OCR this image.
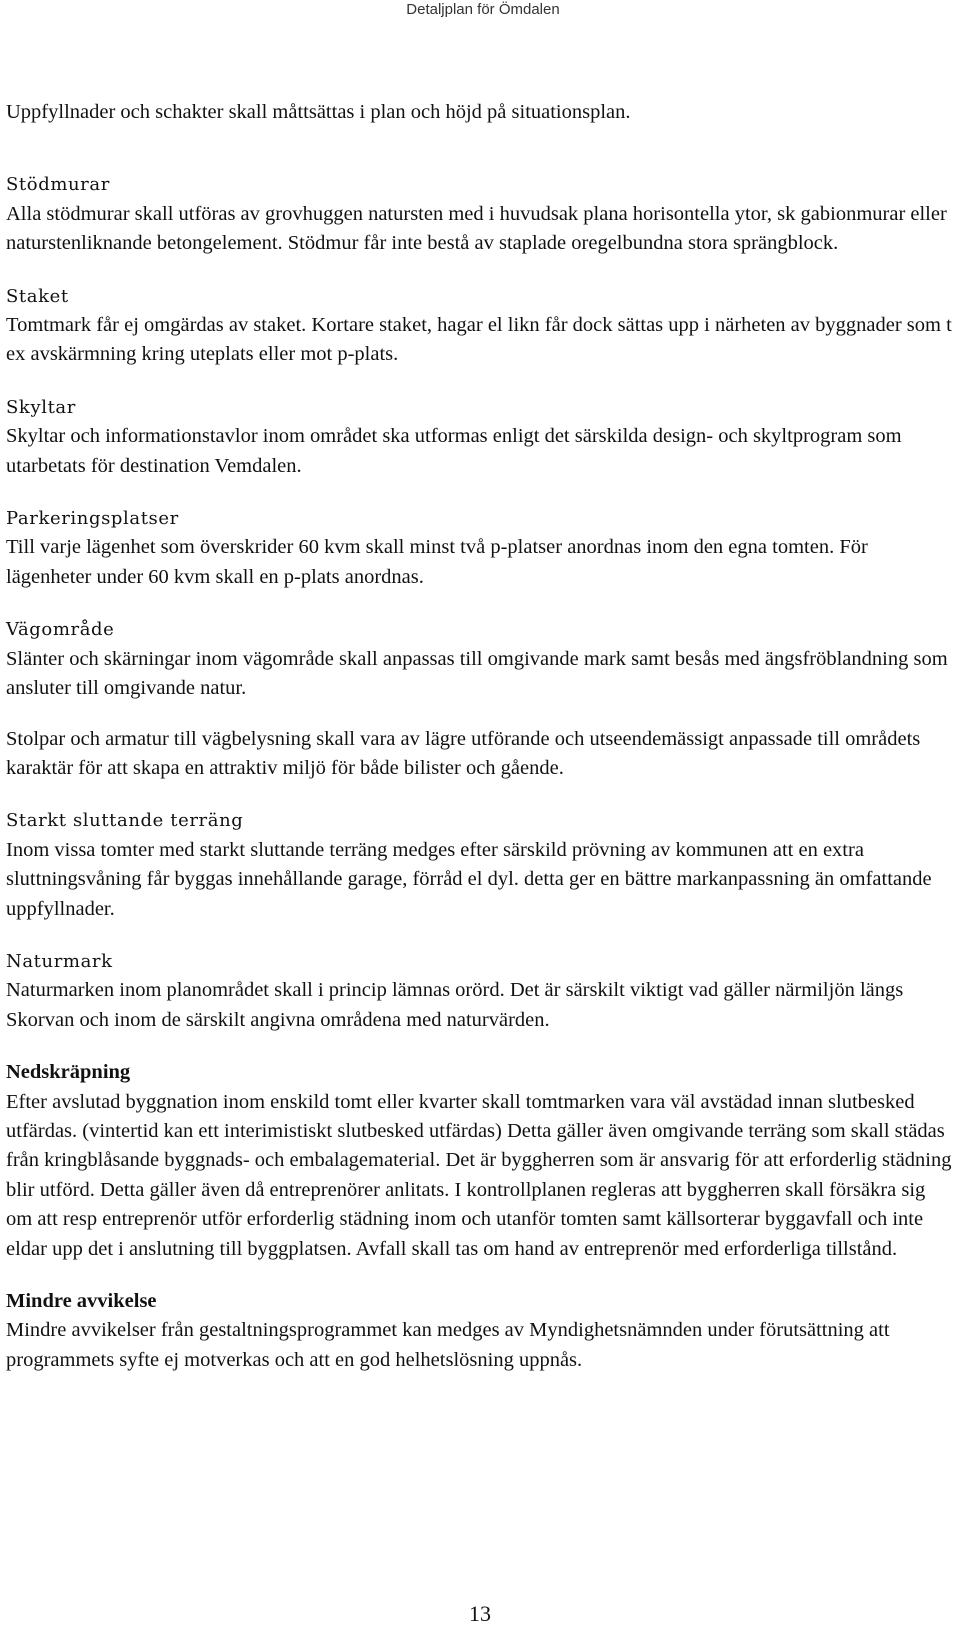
Detaljplan för Ömdalen

Uppfyllnader och schakter skall måttsättas i plan och höjd på situationsplan.

Stödmurar

Alla stödmurar skall utföras av grovhuggen natursten med i huvudsak plana horisontella ytor, sk gabionmurar eller naturstenliknande betongelement. Stödmur får inte bestå av staplade oregelbundna stora sprängblock.

Staket

Tomtmark får ej omgärdas av staket. Kortare staket, hagar el likn får dock sättas upp i närheten av byggnader som t ex avskärmning kring uteplats eller mot p-plats.

Skyltar

Skyltar och informationstavlor inom området ska utformas enligt det särskilda design- och skyltprogram som utarbetats för destination Vemdalen.

Parkeringsplatser

Till varje lägenhet som överskrider 60 kvm skall minst två p-platser anordnas inom den egna tomten. För lägenheter under 60 kvm skall en p-plats anordnas.

Vägområde

Slänter och skärningar inom vägområde skall anpassas till omgivande mark samt besås med ängsfröblandning som ansluter till omgivande natur.

Stolpar och armatur till vägbelysning skall vara av lägre utförande och utseendemässigt anpassade till områdets karaktär för att skapa en attraktiv miljö för både bilister och gående.

Starkt sluttande terräng

Inom vissa tomter med starkt sluttande terräng medges efter särskild prövning av kommunen att en extra sluttningsvåning får byggas innehållande garage, förråd el dyl. detta ger en bättre markanpassning än omfattande uppfyllnader.

Naturmark

Naturmarken inom planområdet skall i princip lämnas orörd. Det är särskilt viktigt vad gäller närmiljön längs Skorvan och inom de särskilt angivna områdena med naturvärden.

Nedskräpning

Efter avslutad byggnation inom enskild tomt eller kvarter skall tomtmarken vara väl avstädad innan slutbesked utfärdas. (vintertid kan ett interimistiskt slutbesked utfärdas) Detta gäller även omgivande terräng som skall städas från kringblåsande byggnads- och embalagematerial. Det är byggherren som är ansvarig för att erforderlig städning blir utförd. Detta gäller även då entreprenörer anlitats. I kontrollplanen regleras att byggherren skall försäkra sig om att resp entreprenör utför erforderlig städning inom och utanför tomten samt källsorterar byggavfall och inte eldar upp det i anslutning till byggplatsen. Avfall skall tas om hand av entreprenör med erforderliga tillstånd.

Mindre avvikelse

Mindre avvikelser från gestaltningsprogrammet kan medges av Myndighetsnämnden under förutsättning att programmets syfte ej motverkas och att en god helhetslösning uppnås.

13
